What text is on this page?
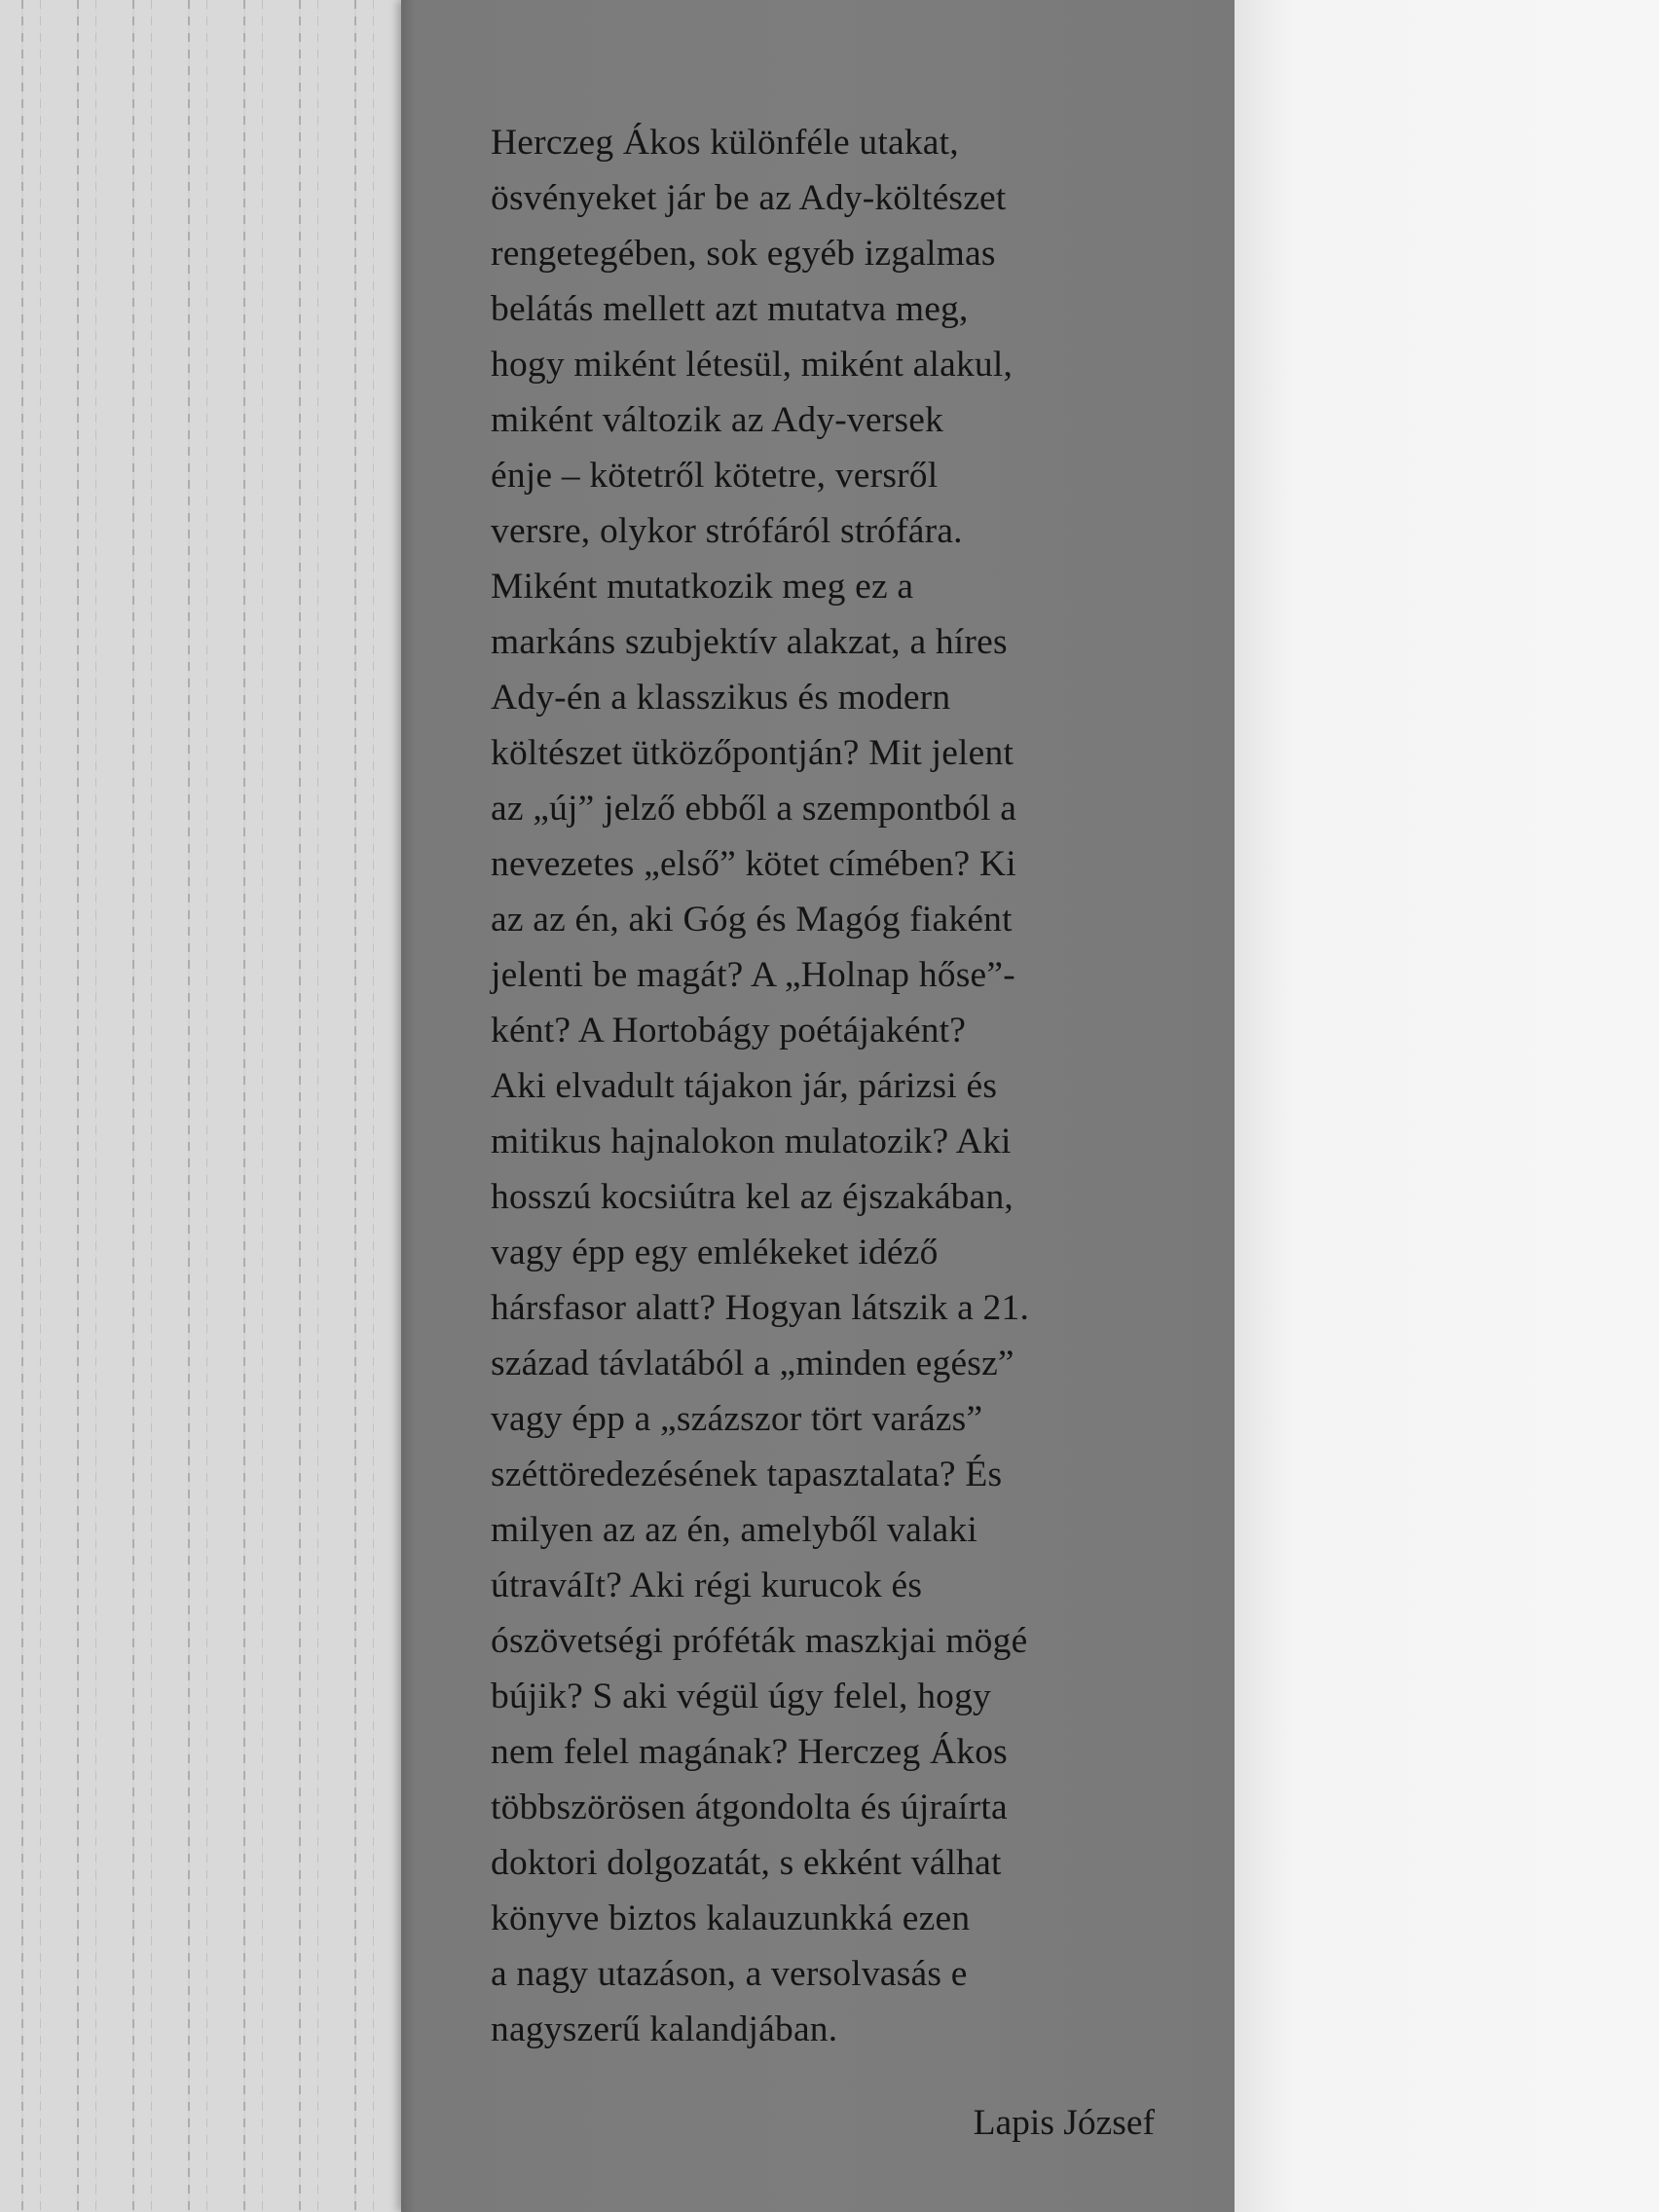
Herczeg Ákos különféle utakat,
ösvényeket jár be az Ady-költészet
rengetegében, sok egyéb izgalmas
belátás mellett azt mutatva meg,
hogy miként létesül, miként alakul,
miként változik az Ady-versek
énje – kötetről kötetre, versről
versre, olykor strófáról strófára.
Miként mutatkozik meg ez a
markáns szubjektív alakzat, a híres
Ady-én a klasszikus és modern
költészet ütközőpontján? Mit jelent
az „új” jelző ebből a szempontból a
nevezetes „első” kötet címében? Ki
az az én, aki Góg és Magóg fiaként
jelenti be magát? A „Holnap hőse”-
ként? A Hortobágy poétájaként?
Aki elvadult tájakon jár, párizsi és
mitikus hajnalokon mulatozik? Aki
hosszú kocsiútra kel az éjszakában,
vagy épp egy emlékeket idéző
hársfasor alatt? Hogyan látszik a 21.
század távlatából a „minden egész”
vagy épp a „százszor tört varázs”
széttöredezésének tapasztalata? És
milyen az az én, amelyből valaki
útraváIt? Aki régi kurucok és
ószövetségi próféták maszkjai mögé
bújik? S aki végül úgy felel, hogy
nem felel magának? Herczeg Ákos
többszörösen átgondolta és újraírta
doktori dolgozatát, s ekként válhat
könyve biztos kalauzunkká ezen
a nagy utazáson, a versolvasás e
nagyszerű kalandjában.

Lapis József
